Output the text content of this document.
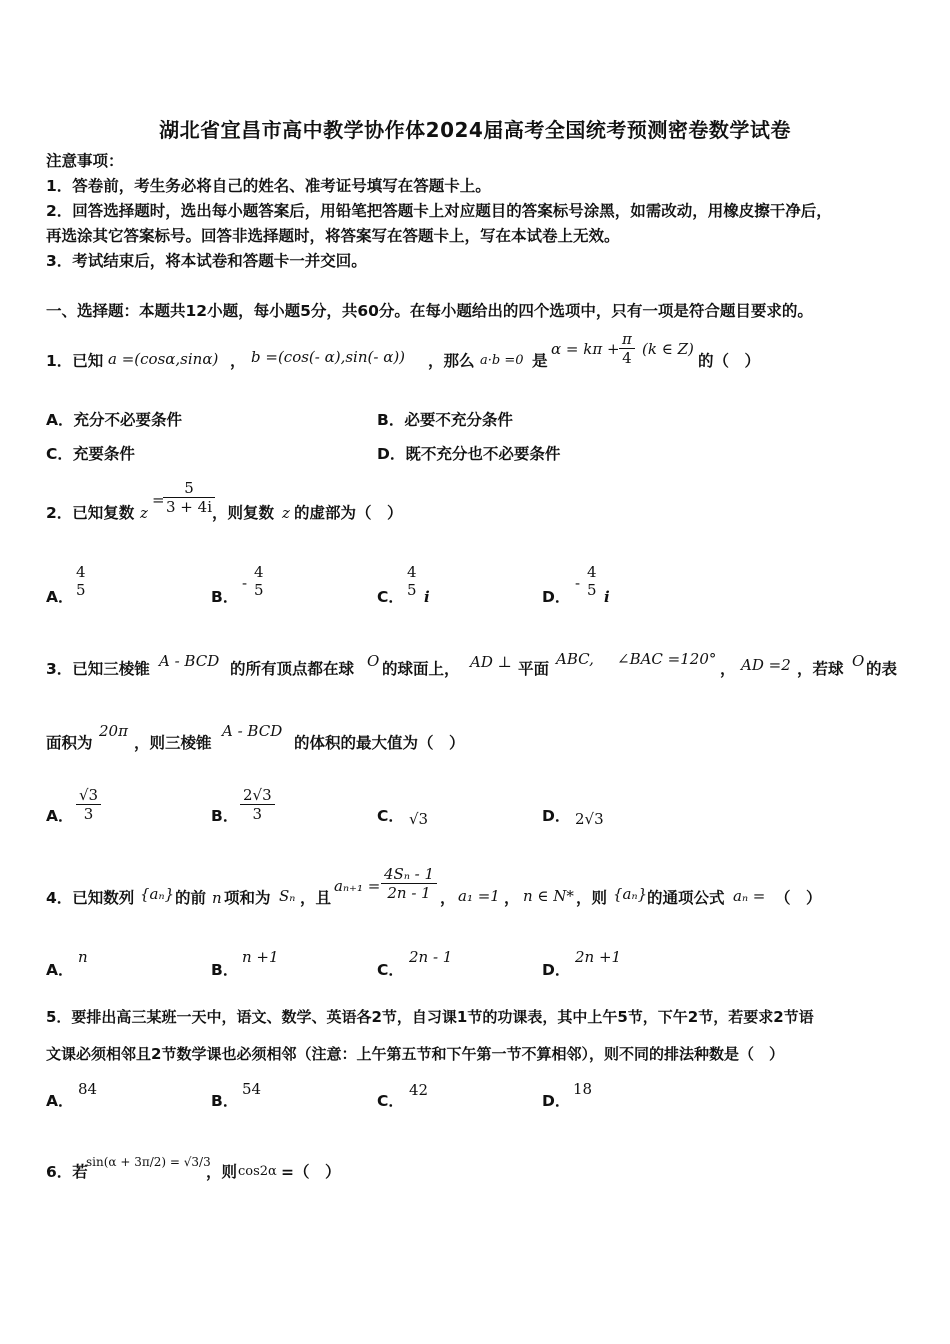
湖北省宜昌市高中教学协作体2024届高考全国统考预测密卷数学试卷
注意事项：
1．答卷前，考生务必将自己的姓名、准考证号填写在答题卡上。
2．回答选择题时，选出每小题答案后，用铅笔把答题卡上对应题目的答案标号涂黑，如需改动，用橡皮擦干净后，
再选涂其它答案标号。回答非选择题时，将答案写在答题卡上，写在本试卷上无效。
3．考试结束后，将本试卷和答题卡一并交回。
一、选择题：本题共12小题，每小题5分，共60分。在每小题给出的四个选项中，只有一项是符合题目要求的。
1．已知 a =(cosα,sinα) ， b =(cos(- α),sin(- α)) ，那么 a·b =0 是
$\alpha = k\pi + \frac{\pi}{4} (k$ ∈ Z)
的（　）
A．充分不必要条件	B．必要不充分条件
C．充要条件	D．既不充分也不必要条件
2．已知复数 z
=
$\frac{5}{3 + 4i}$
，则复数 z 的虚部为（　）
A．
4
5	B．
-
4
5	C．
4
5 i	D．
-
4
5 i
3．已知三棱锥 A - BCD 的所有顶点都在球 O 的球面上， AD ⊥ 平面
ABC, ∠BAC =120°
， AD =2 ，若球 O 的表
面积为
20π
，则三棱锥
A - BCD
的体积的最大值为（　）
A． $\frac{√3}{3}$	B． $\frac{2√3}{3}$	C． √3	D． 2√3
4．已知数列 {aₙ} 的前 n 项和为 Sₙ ，且
$a_{n+1} = \frac{\text{4Sₙ - 1}}{2n - 1}$ ， a₁ =1 ， n ∈ N* ，则 {aₙ} 的通项公式 aₙ = （　）
A．
n
B．
n +1
C．
2n - 1
D．
2n +1
5．要排出高三某班一天中，语文、数学、英语各2节，自习课1节的功课表，其中上午5节，下午2节，若要求2节语
文课必须相邻且2节数学课也必须相邻（注意：上午第五节和下午第一节不算相邻），则不同的排法种数是（　）
A．
84
B．
54
C．
42
D．
18
6．若
sin(α + 3π/2) = √3/3
，则 cos2α =（　）
